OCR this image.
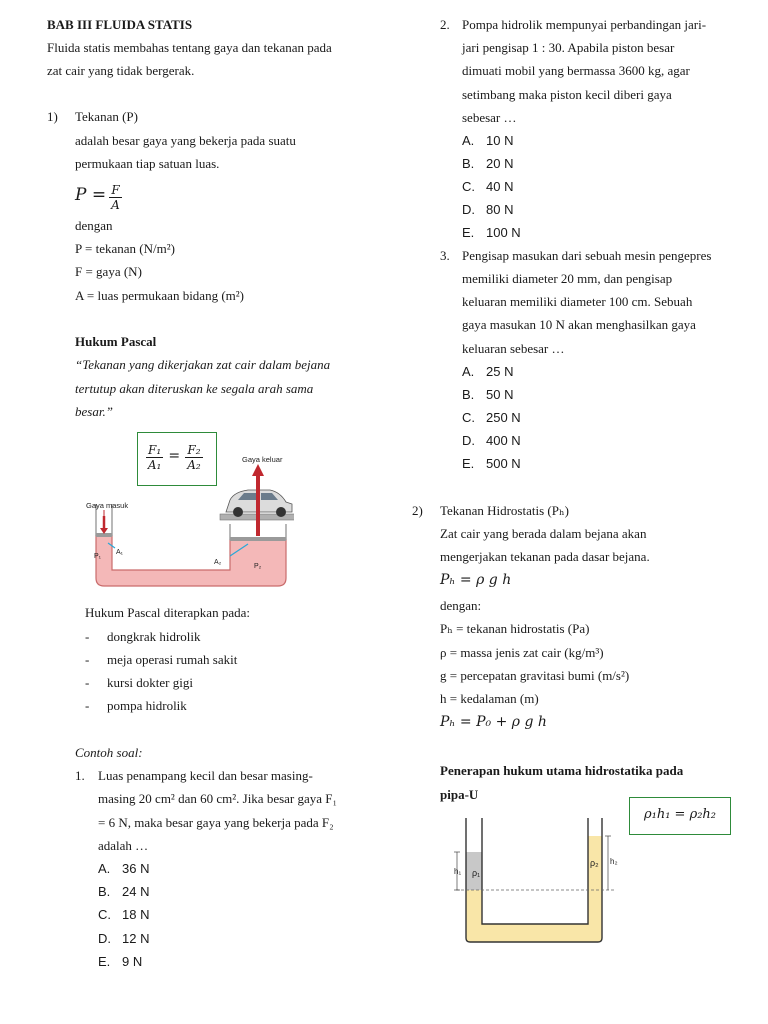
BAB III FLUIDA STATIS
Fluida statis membahas tentang gaya dan tekanan pada
zat cair yang tidak bergerak.
1) Tekanan (P)
adalah besar gaya yang bekerja pada suatu
permukaan tiap satuan luas.
$P = \frac{F}{A}$
dengan
P = tekanan (N/m²)
F = gaya (N)
A = luas permukaan bidang (m²)
Hukum Pascal
“Tekanan yang dikerjakan zat cair dalam bejana
tertutup akan diteruskan ke segala arah sama
besar.”
$\frac{\text{F₁}}{\text{A₁}} = \frac{\text{F₂}}{\text{A₂}}$	Gaya keluar
Gaya masuk
P₁
A₁
A₂
P₂
Hukum Pascal diterapkan pada:
- dongkrak hidrolik
- meja operasi rumah sakit
- kursi dokter gigi
- pompa hidrolik
Contoh soal:
1. Luas penampang kecil dan besar masing-
masing 20 cm² dan 60 cm². Jika besar gaya F₁
= 6 N, maka besar gaya yang bekerja pada F₂
adalah …
A. 36 N
B. 24 N
C. 18 N
D. 12 N
E. 9 N
2. Pompa hidrolik mempunyai perbandingan jari-
jari pengisap 1 : 30. Apabila piston besar
dimuati mobil yang bermassa 3600 kg, agar
setimbang maka piston kecil diberi gaya
sebesar …
A. 10 N
B. 20 N
C. 40 N
D. 80 N
E. 100 N
3. Pengisap masukan dari sebuah mesin pengepres
memiliki diameter 20 mm, dan pengisap
keluaran memiliki diameter 100 cm. Sebuah
gaya masukan 10 N akan menghasilkan gaya
keluaran sebesar …
A. 25 N
B. 50 N
C. 250 N
D. 400 N
E. 500 N
2) Tekanan Hidrostatis (Pₕ)
Zat cair yang berada dalam bejana akan
mengerjakan tekanan pada dasar bejana.
Pₕ = ρ g h
dengan:
Pₕ = tekanan hidrostatis (Pa)
ρ = massa jenis zat cair (kg/m³)
g = percepatan gravitasi bumi (m/s²)
h = kedalaman (m)
Pₕ = P₀ + ρ g h
Penerapan hukum utama hidrostatika pada
pipa-U
ρ₁h₁ = ρ₂h₂
h₁ ρ₁
ρ₂ h₂
